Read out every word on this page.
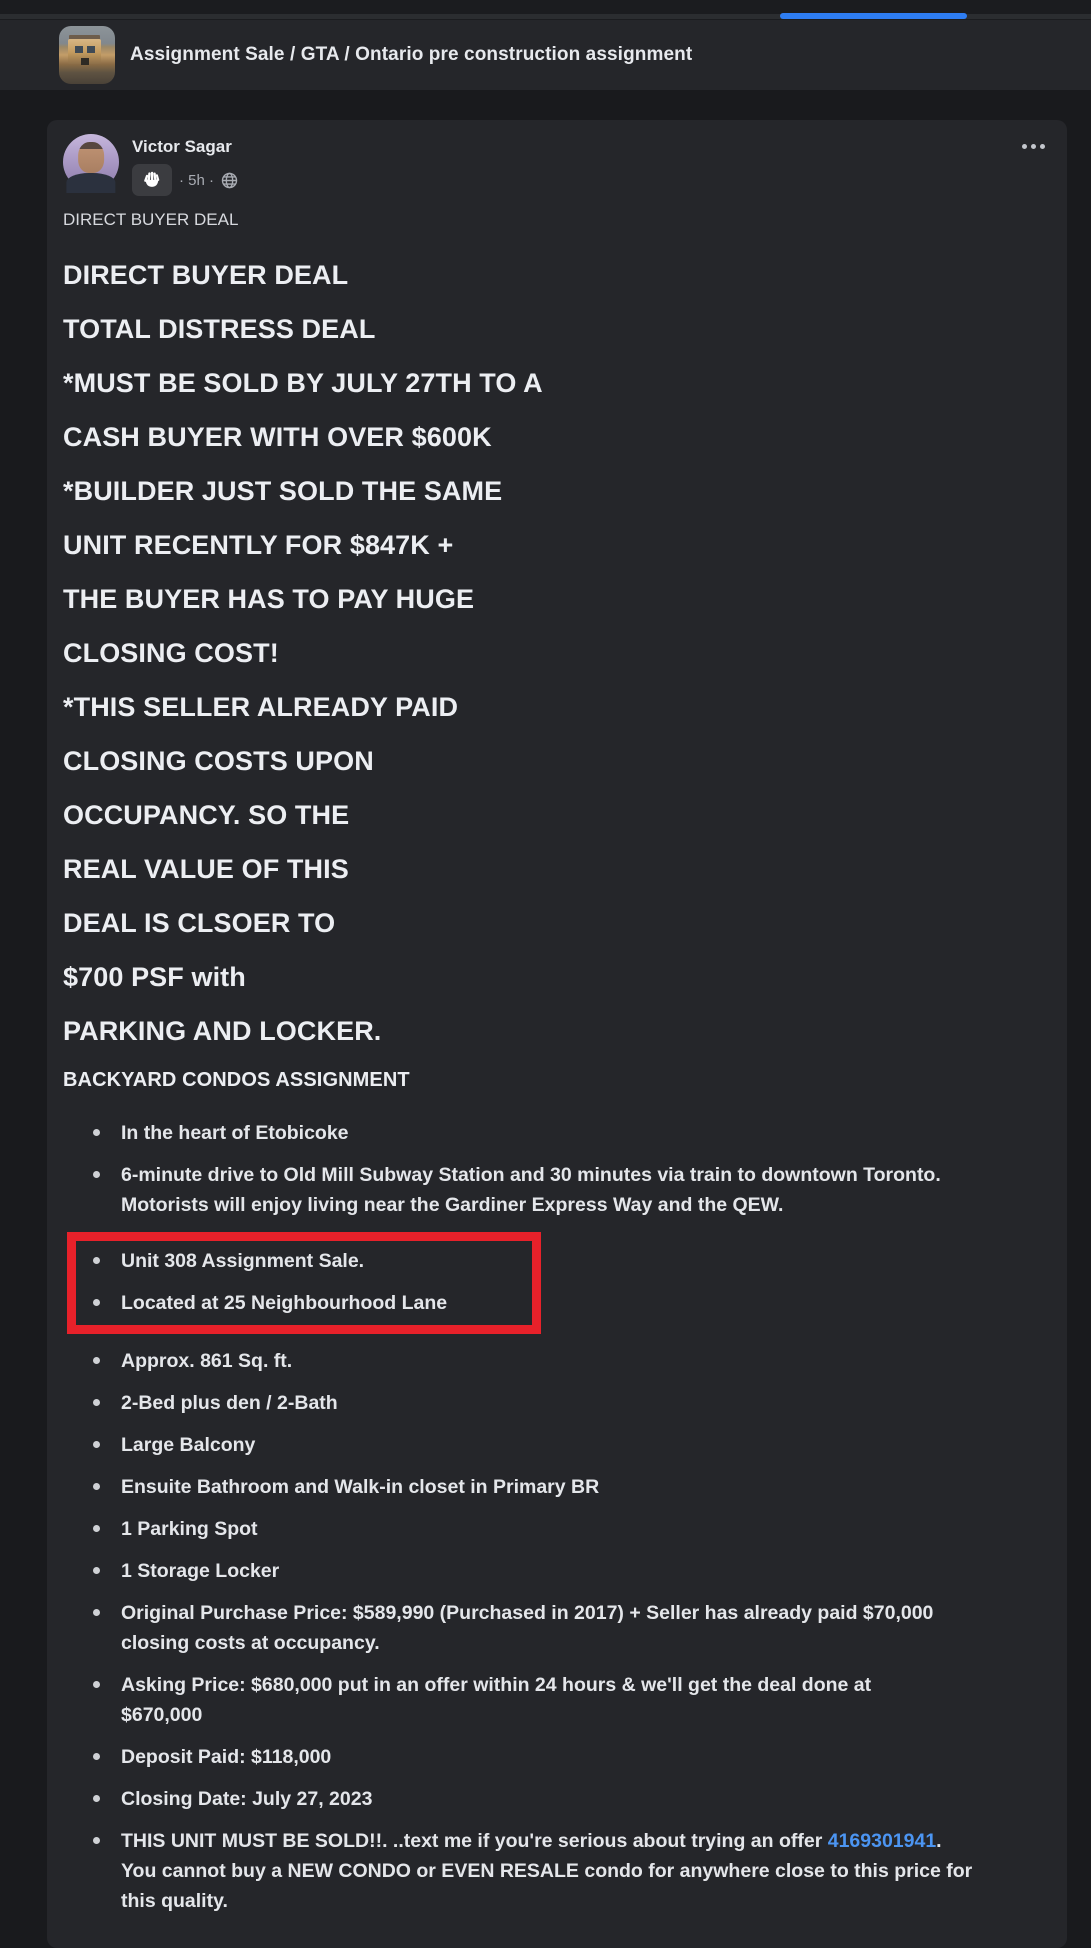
Assignment Sale / GTA / Ontario pre construction assignment
Victor Sagar
· 5h ·
DIRECT BUYER DEAL

DIRECT BUYER DEAL

TOTAL DISTRESS DEAL

*MUST BE SOLD BY JULY 27TH TO A

CASH BUYER WITH OVER $600K

*BUILDER JUST SOLD THE SAME

UNIT RECENTLY FOR $847K +

THE BUYER HAS TO PAY HUGE

CLOSING COST!

*THIS SELLER ALREADY PAID

CLOSING COSTS UPON

OCCUPANCY. SO THE

REAL VALUE OF THIS

DEAL IS CLSOER TO

$700 PSF with

PARKING AND LOCKER.

BACKYARD CONDOS ASSIGNMENT
In the heart of Etobicoke
6-minute drive to Old Mill Subway Station and 30 minutes via train to downtown Toronto.
Motorists will enjoy living near the Gardiner Express Way and the QEW.
Unit 308 Assignment Sale.
Located at 25 Neighbourhood Lane
Approx. 861 Sq. ft.
2-Bed plus den / 2-Bath
Large Balcony
Ensuite Bathroom and Walk-in closet in Primary BR
1 Parking Spot
1 Storage Locker
Original Purchase Price: $589,990 (Purchased in 2017) + Seller has already paid $70,000
closing costs at occupancy.
Asking Price: $680,000 put in an offer within 24 hours & we'll get the deal done at
$670,000
Deposit Paid: $118,000
Closing Date: July 27, 2023
THIS UNIT MUST BE SOLD!!. ..text me if you're serious about trying an offer 4169301941.
You cannot buy a NEW CONDO or EVEN RESALE condo for anywhere close to this price for
this quality.
